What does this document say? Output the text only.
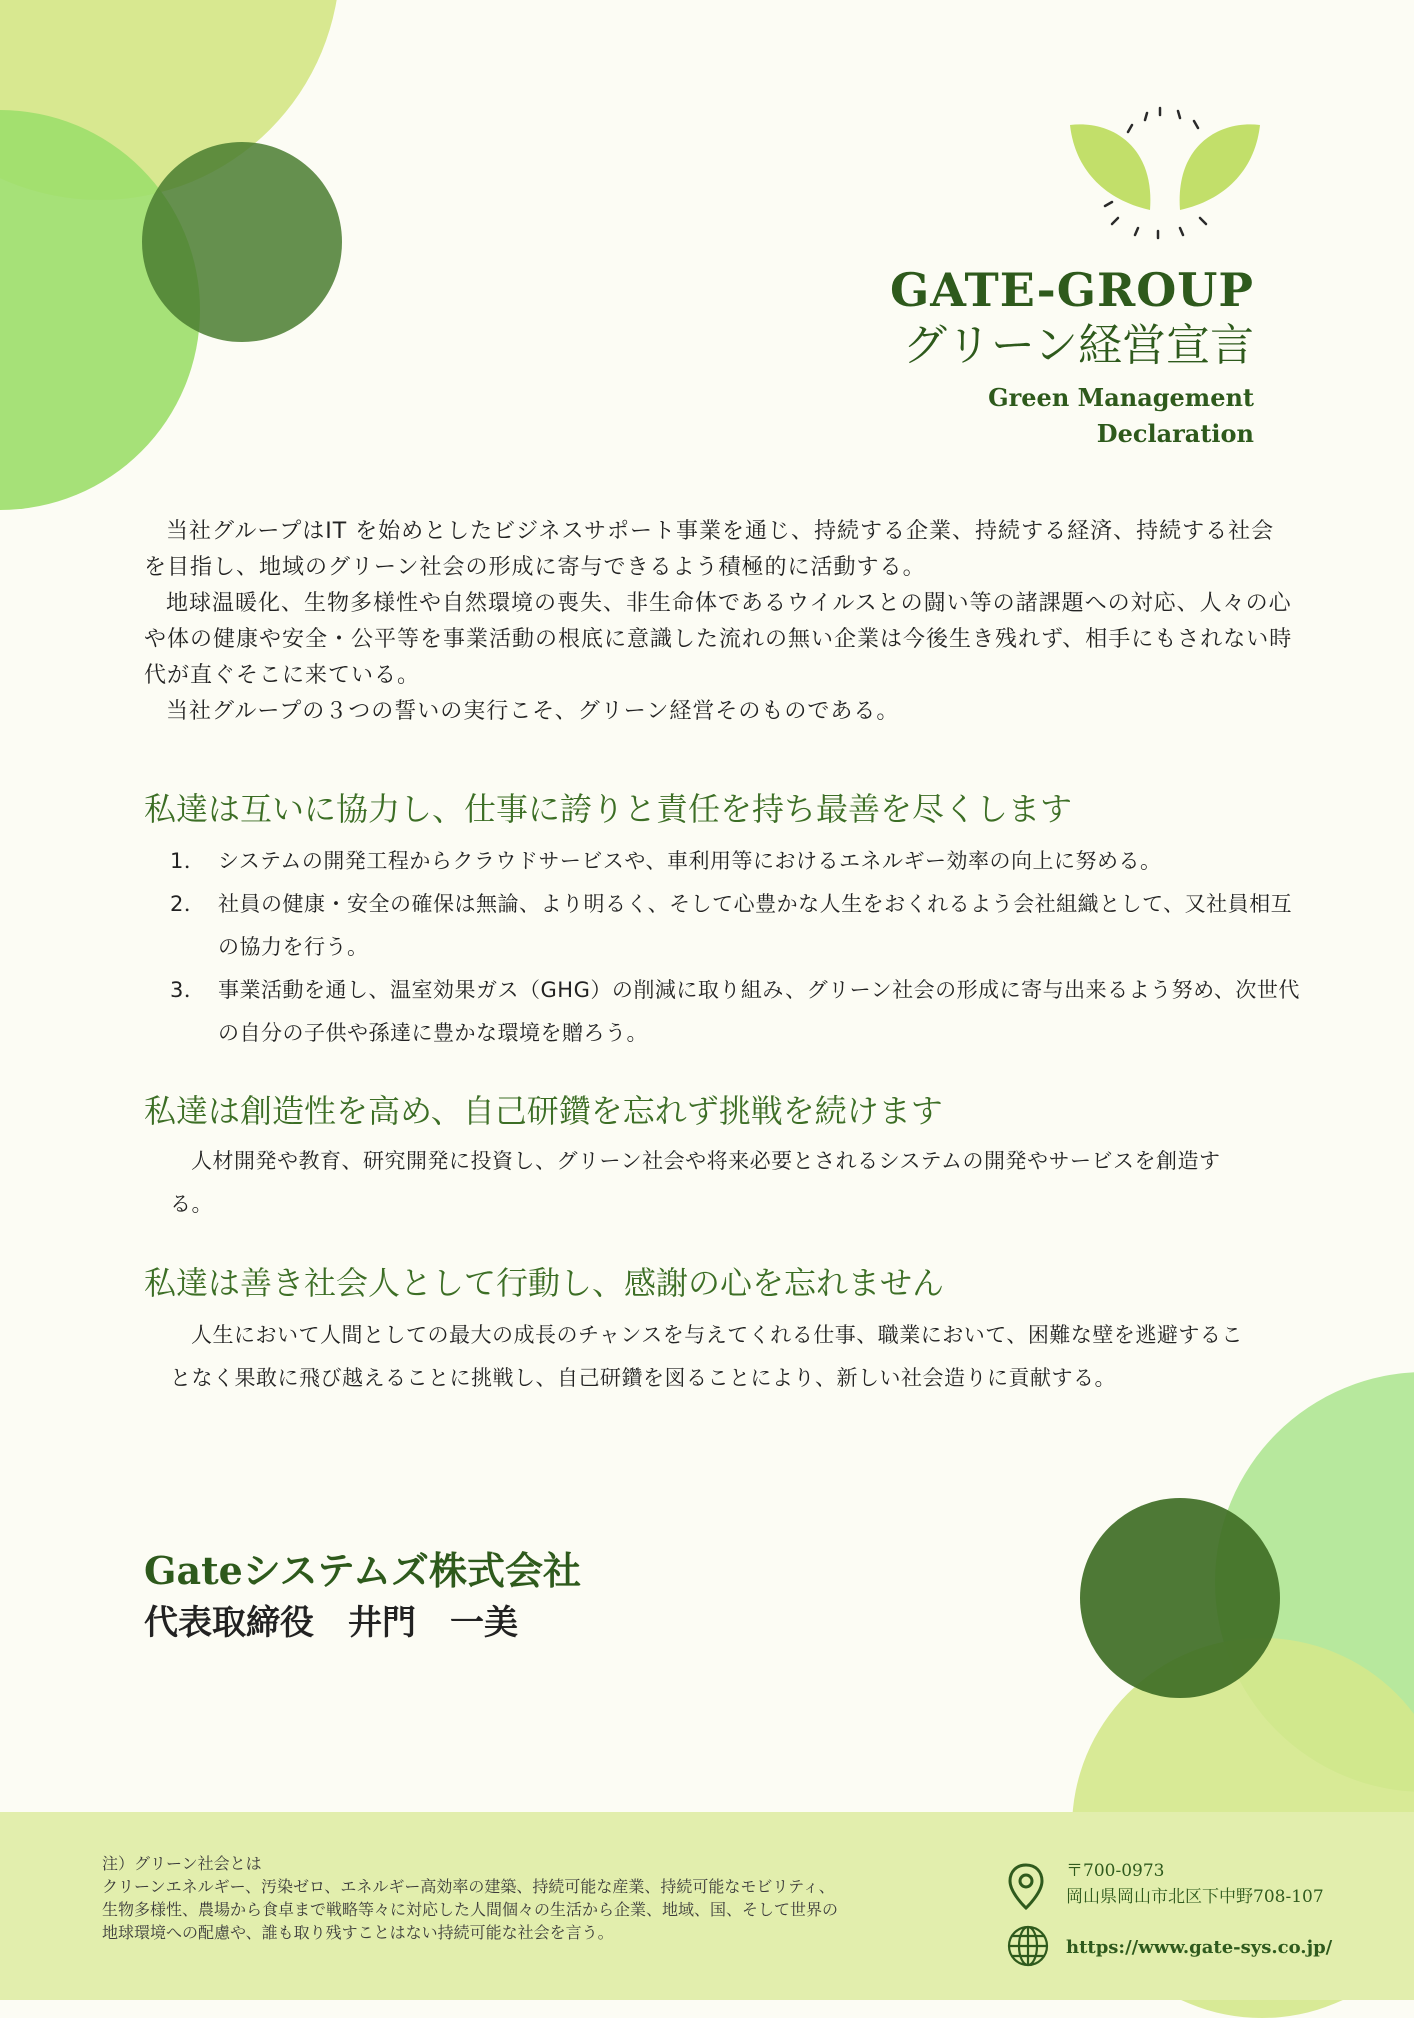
GATE-GROUP
グリーン経営宣言
Green Management
Declaration

当社グループはIT を始めとしたビジネスサポート事業を通じ、持続する企業、持続する経済、持続する社会を目指し、地域のグリーン社会の形成に寄与できるよう積極的に活動する。

地球温暖化、生物多様性や自然環境の喪失、非生命体であるウイルスとの闘い等の諸課題への対応、人々の心や体の健康や安全・公平等を事業活動の根底に意識した流れの無い企業は今後生き残れず、相手にもされない時代が直ぐそこに来ている。

当社グループの３つの誓いの実行こそ、グリーン経営そのものである。

私達は互いに協力し、仕事に誇りと責任を持ち最善を尽くします
1． システムの開発工程からクラウドサービスや、車利用等におけるエネルギー効率の向上に努める。
2． 社員の健康・安全の確保は無論、より明るく、そして心豊かな人生をおくれるよう会社組織として、又社員相互の協力を行う。
3． 事業活動を通し、温室効果ガス（GHG）の削減に取り組み、グリーン社会の形成に寄与出来るよう努め、次世代の自分の子供や孫達に豊かな環境を贈ろう。
私達は創造性を高め、自己研鑽を忘れず挑戦を続けます

人材開発や教育、研究開発に投資し、グリーン社会や将来必要とされるシステムの開発やサービスを創造する。

私達は善き社会人として行動し、感謝の心を忘れません

人生において人間としての最大の成長のチャンスを与えてくれる仕事、職業において、困難な壁を逃避することなく果敢に飛び越えることに挑戦し、自己研鑽を図ることにより、新しい社会造りに貢献する。

Gateシステムズ株式会社
代表取締役　井門　一美
注）グリーン社会とは
クリーンエネルギー、汚染ゼロ、エネルギー高効率の建築、持続可能な産業、持続可能なモビリティ、
生物多様性、農場から食卓まで戦略等々に対応した人間個々の生活から企業、地域、国、そして世界の
地球環境への配慮や、誰も取り残すことはない持続可能な社会を言う。
〒700-0973
岡山県岡山市北区下中野708-107
https://www.gate-sys.co.jp/
